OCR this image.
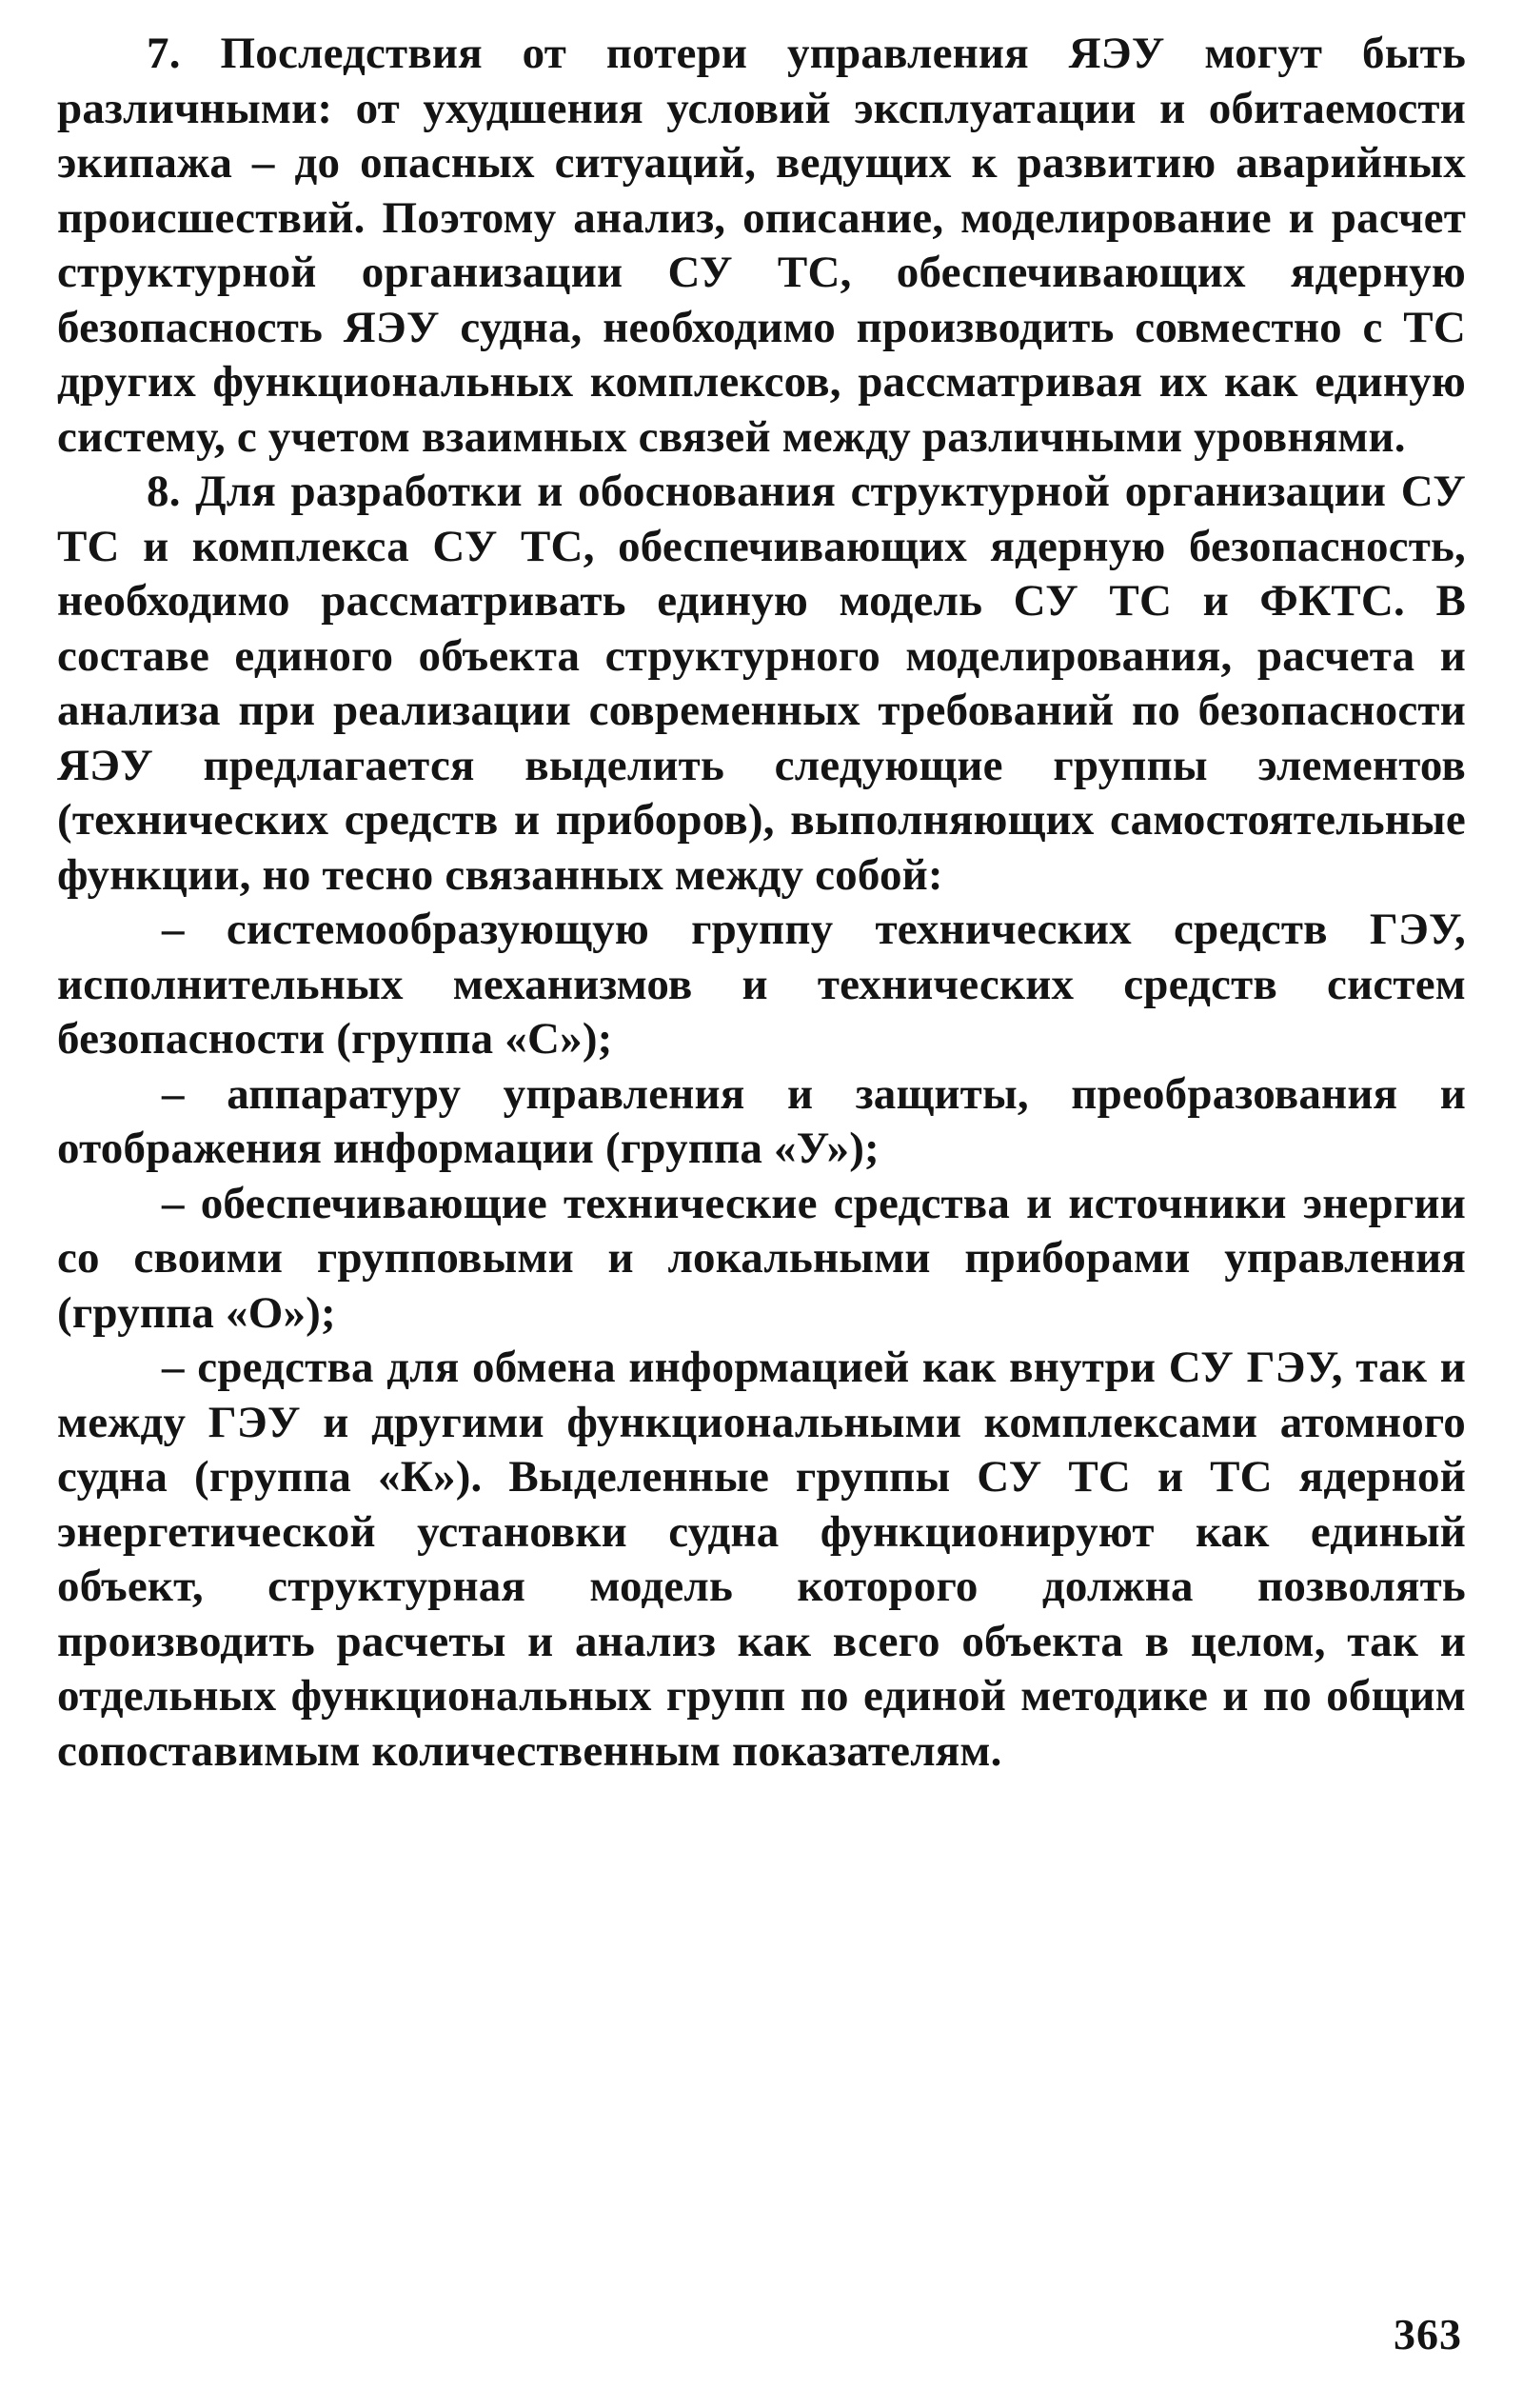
7. Последствия от потери управления ЯЭУ могут быть различными: от ухудшения условий эксплуатации и обитаемости экипажа – до опасных ситуаций, ведущих к развитию аварийных происшествий. Поэтому анализ, описание, моделирование и расчет структурной организации СУ ТС, обеспечивающих ядерную безопасность ЯЭУ судна, необходимо производить совместно с ТС других функциональных комплексов, рассматривая их как единую систему, с учетом взаимных связей между различными уровнями.

8. Для разработки и обоснования структурной организации СУ ТС и комплекса СУ ТС, обеспечивающих ядерную безопасность, необходимо рассматривать единую модель СУ ТС и ФКТС. В составе единого объекта структурного моделирования, расчета и анализа при реализации современных требований по безопасности ЯЭУ предлагается выделить следующие группы элементов (технических средств и приборов), выполняющих самостоятельные функции, но тесно связанных между собой:

– системообразующую группу технических средств ГЭУ, исполнительных механизмов и технических средств систем безопасности (группа «С»);

– аппаратуру управления и защиты, преобразования и отображения информации (группа «У»);

– обеспечивающие технические средства и источники энергии со своими групповыми и локальными приборами управления (группа «О»);

– средства для обмена информацией как внутри СУ ГЭУ, так и между ГЭУ и другими функциональными комплексами атомного судна (группа «К»). Выделенные группы СУ ТС и ТС ядерной энергетической установки судна функционируют как единый объект, структурная модель которого должна позволять производить расчеты и анализ как всего объекта в целом, так и отдельных функциональных групп по единой методике и по общим сопоставимым количественным показателям.

363
